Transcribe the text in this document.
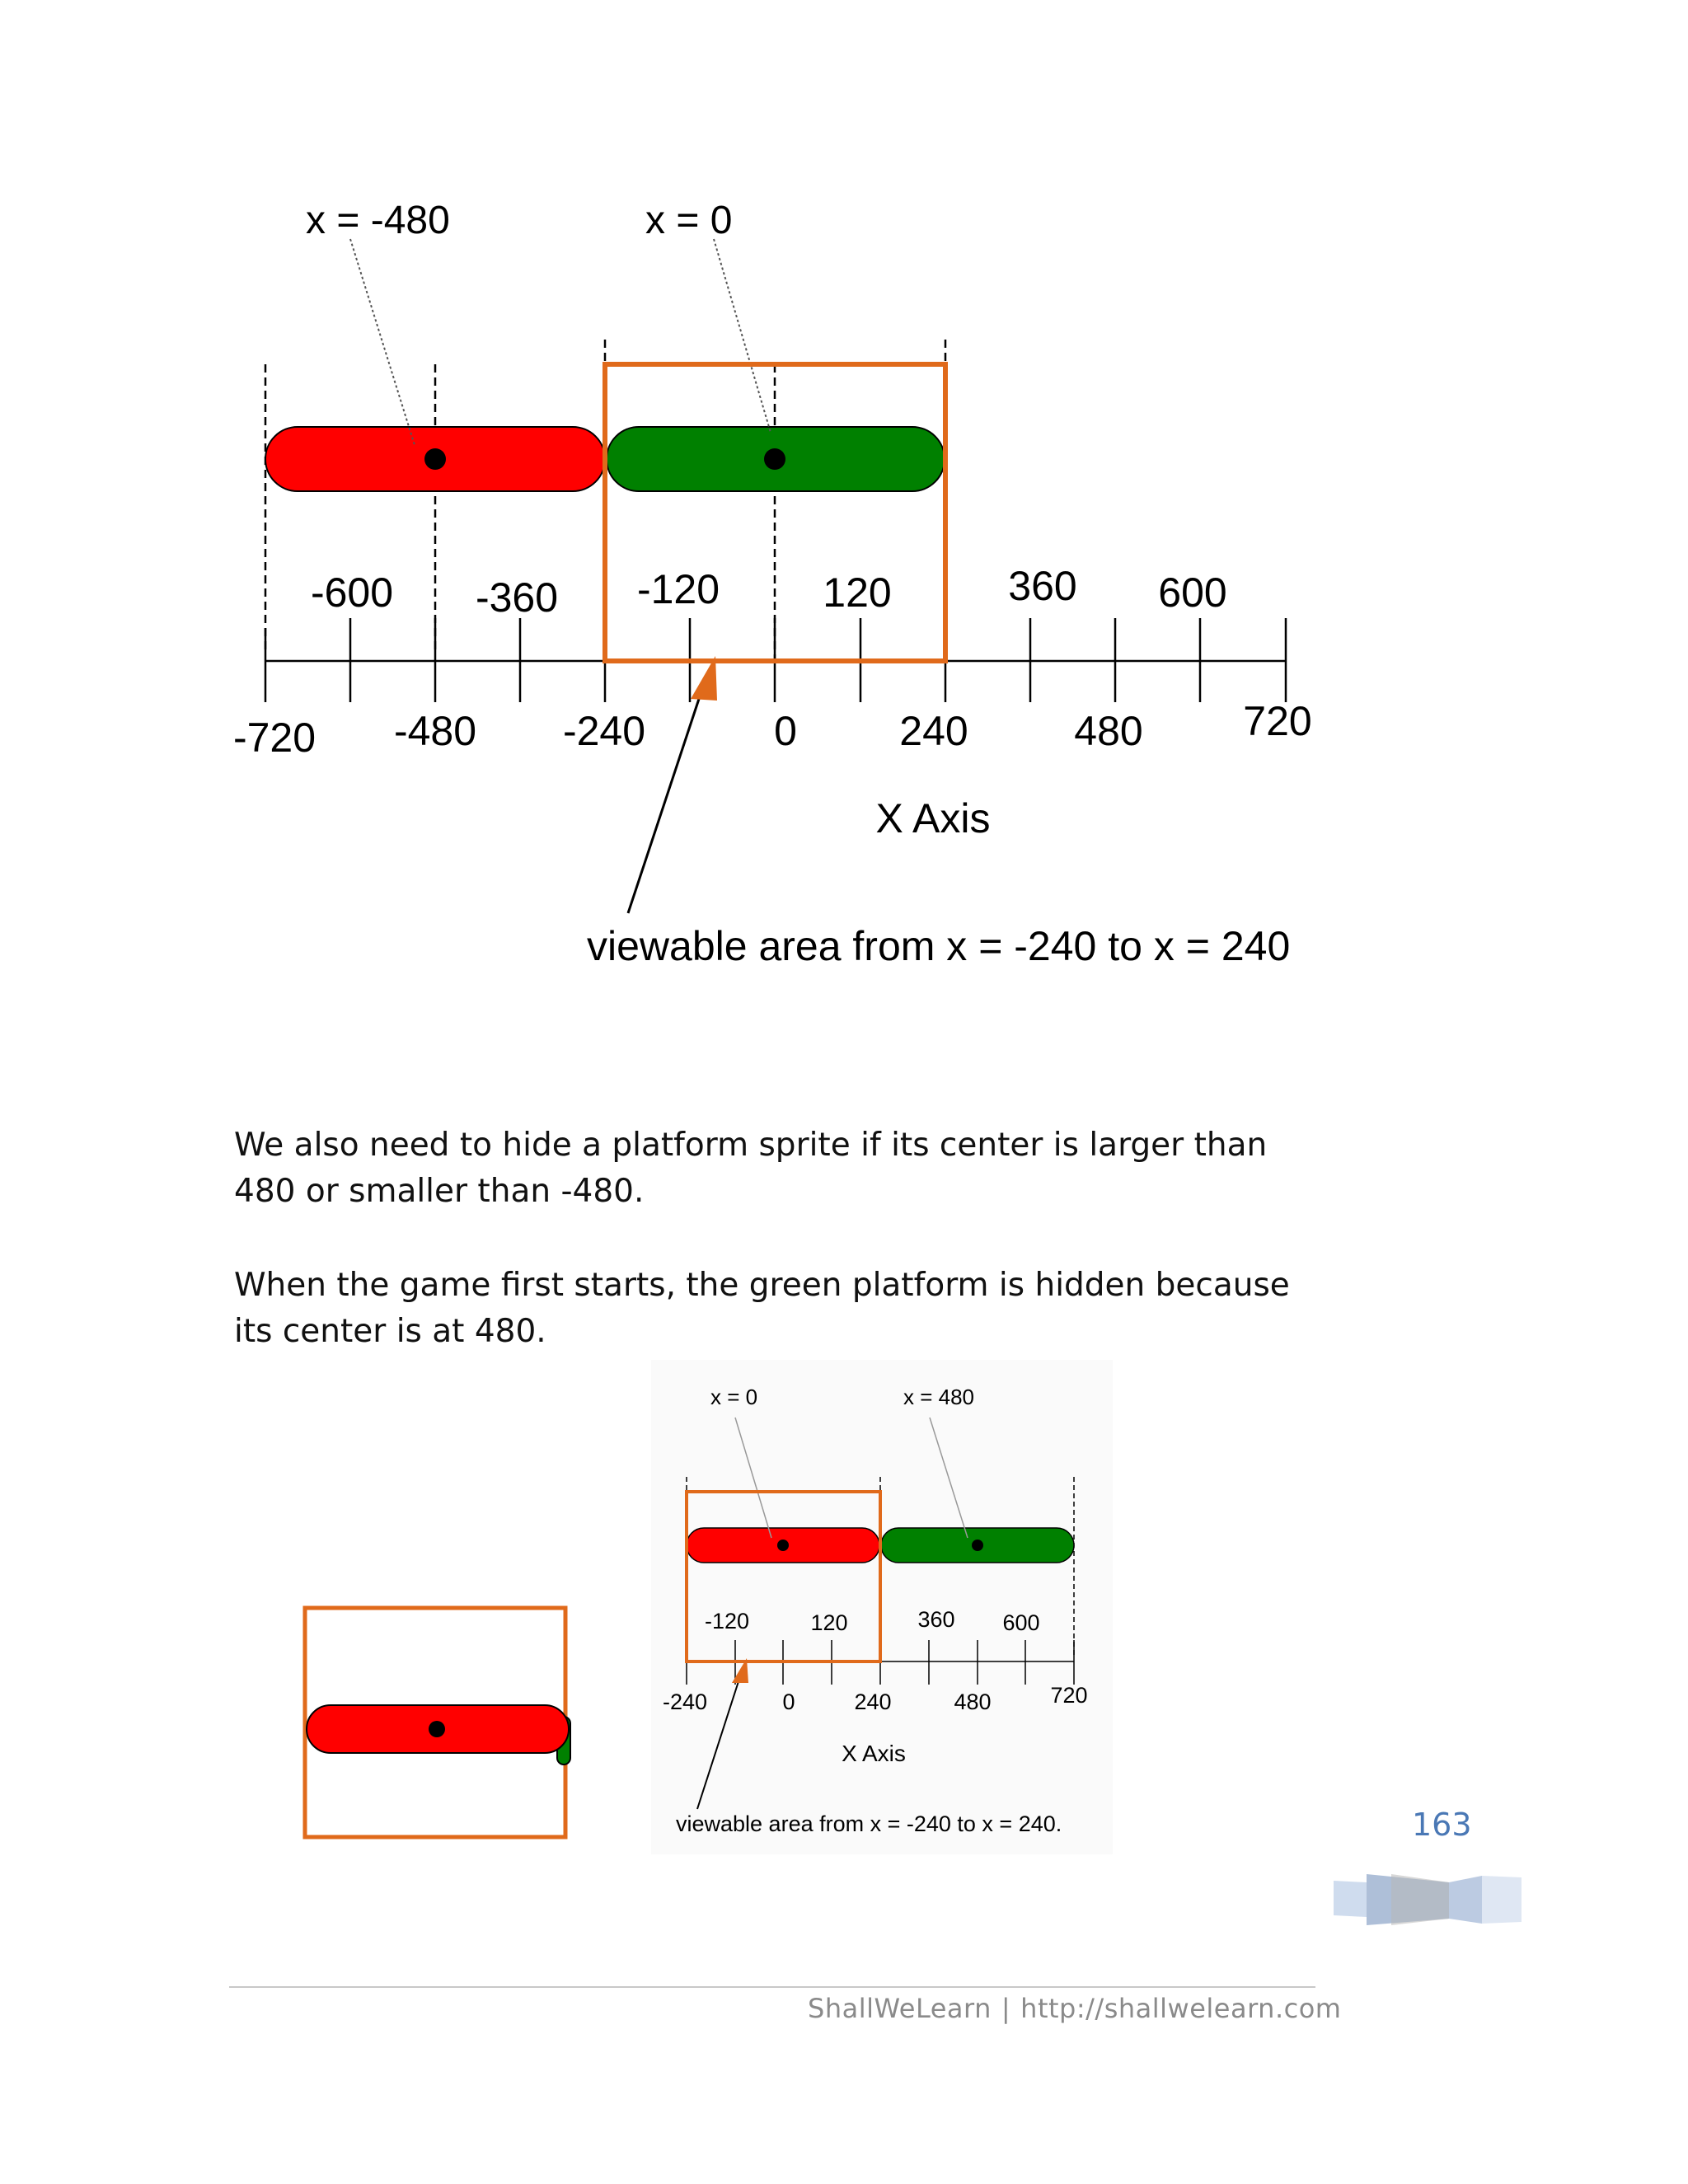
x = -480	x = 0
-600 -360 -120	120	360 600
-720 -480 -240	0 240	480 720
X Axis
viewable area from x = -240 to x = 240

We also need to hide a platform sprite if its center is larger than 480 or smaller than -480.

When the game first starts, the green platform is hidden because its center is at 480.

x = 0	x = 480
-120	120	360 600
-240	0	240	480	720
X Axis
viewable area from x = -240 to x = 240.	163
ShallWeLearn | http://shallwelearn.com
